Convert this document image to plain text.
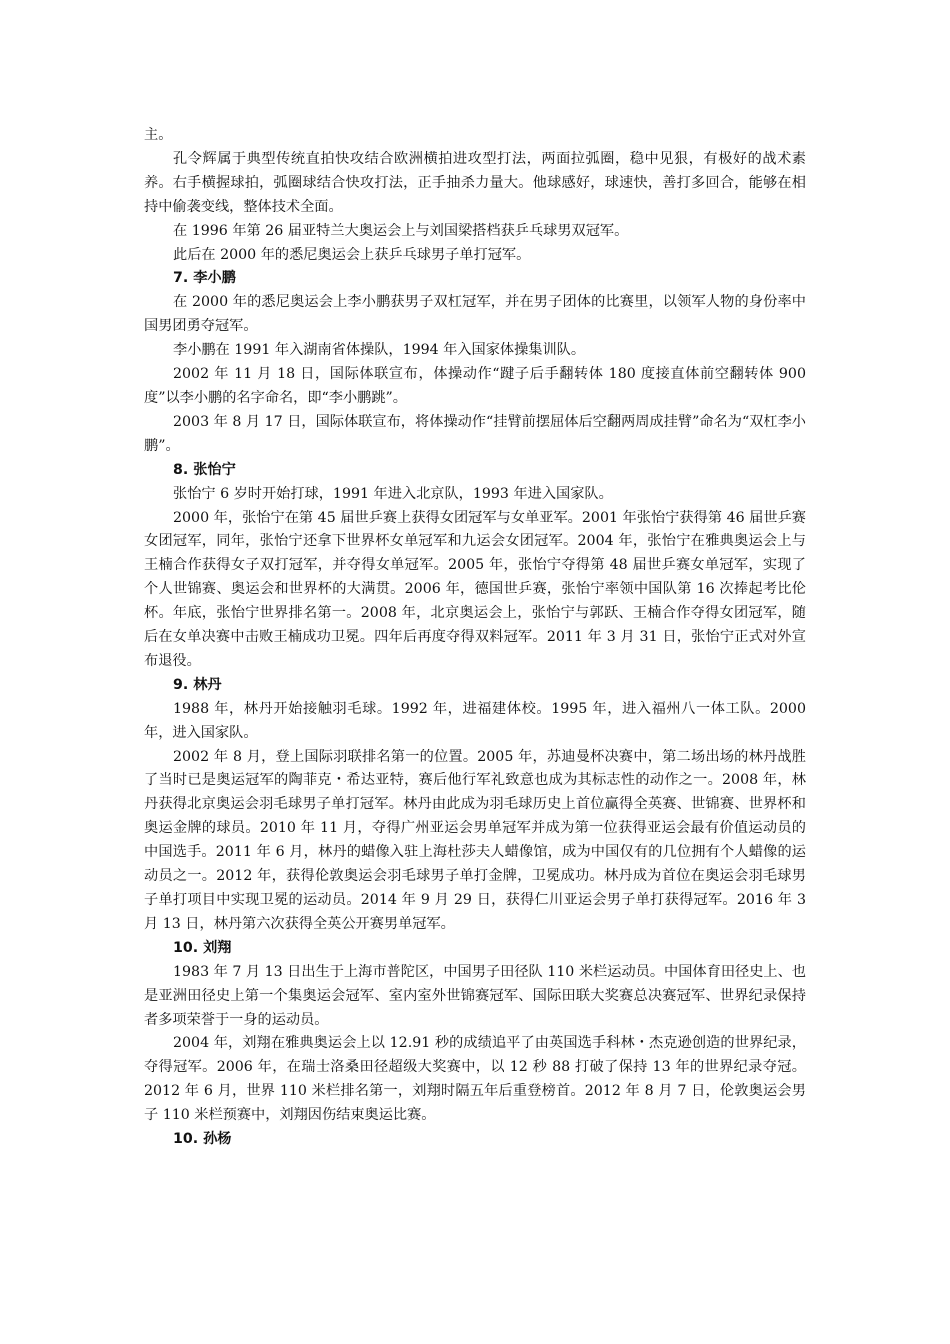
主。

孔令辉属于典型传统直拍快攻结合欧洲横拍进攻型打法，两面拉弧圈，稳中见狠，有极好的战术素养。右手横握球拍，弧圈球结合快攻打法，正手抽杀力量大。他球感好，球速快，善打多回合，能够在相持中偷袭变线，整体技术全面。

在 1996 年第 26 届亚特兰大奥运会上与刘国梁搭档获乒乓球男双冠军。

此后在 2000 年的悉尼奥运会上获乒乓球男子单打冠军。

7. 李小鹏

在 2000 年的悉尼奥运会上李小鹏获男子双杠冠军，并在男子团体的比赛里，以领军人物的身份率中国男团勇夺冠军。

李小鹏在 1991 年入湖南省体操队，1994 年入国家体操集训队。

2002 年 11 月 18 日，国际体联宣布，体操动作“踺子后手翻转体 180 度接直体前空翻转体 900 度”以李小鹏的名字命名，即“李小鹏跳”。

2003 年 8 月 17 日，国际体联宣布，将体操动作“挂臂前摆屈体后空翻两周成挂臂”命名为“双杠李小鹏”。

8. 张怡宁

张怡宁 6 岁时开始打球，1991 年进入北京队，1993 年进入国家队。

2000 年，张怡宁在第 45 届世乒赛上获得女团冠军与女单亚军。2001 年张怡宁获得第 46 届世乒赛女团冠军，同年，张怡宁还拿下世界杯女单冠军和九运会女团冠军。2004 年，张怡宁在雅典奥运会上与王楠合作获得女子双打冠军，并夺得女单冠军。2005 年，张怡宁夺得第 48 届世乒赛女单冠军，实现了个人世锦赛、奥运会和世界杯的大满贯。2006 年，德国世乒赛，张怡宁率领中国队第 16 次捧起考比伦杯。年底，张怡宁世界排名第一。2008 年，北京奥运会上，张怡宁与郭跃、王楠合作夺得女团冠军，随后在女单决赛中击败王楠成功卫冕。四年后再度夺得双料冠军。2011 年 3 月 31 日，张怡宁正式对外宣布退役。

9. 林丹

1988 年，林丹开始接触羽毛球。1992 年，进福建体校。1995 年，进入福州八一体工队。2000 年，进入国家队。

2002 年 8 月，登上国际羽联排名第一的位置。2005 年，苏迪曼杯决赛中，第二场出场的林丹战胜了当时已是奥运冠军的陶菲克・希达亚特，赛后他行军礼致意也成为其标志性的动作之一。2008 年，林丹获得北京奥运会羽毛球男子单打冠军。林丹由此成为羽毛球历史上首位赢得全英赛、世锦赛、世界杯和奥运金牌的球员。2010 年 11 月，夺得广州亚运会男单冠军并成为第一位获得亚运会最有价值运动员的中国选手。2011 年 6 月，林丹的蜡像入驻上海杜莎夫人蜡像馆，成为中国仅有的几位拥有个人蜡像的运动员之一。2012 年，获得伦敦奥运会羽毛球男子单打金牌，卫冕成功。林丹成为首位在奥运会羽毛球男子单打项目中实现卫冕的运动员。2014 年 9 月 29 日，获得仁川亚运会男子单打获得冠军。2016 年 3 月 13 日，林丹第六次获得全英公开赛男单冠军。

10. 刘翔

1983 年 7 月 13 日出生于上海市普陀区，中国男子田径队 110 米栏运动员。中国体育田径史上、也是亚洲田径史上第一个集奥运会冠军、室内室外世锦赛冠军、国际田联大奖赛总决赛冠军、世界纪录保持者多项荣誉于一身的运动员。

2004 年，刘翔在雅典奥运会上以 12.91 秒的成绩追平了由英国选手科林・杰克逊创造的世界纪录，夺得冠军。2006 年，在瑞士洛桑田径超级大奖赛中，以 12 秒 88 打破了保持 13 年的世界纪录夺冠。2012 年 6 月，世界 110 米栏排名第一，刘翔时隔五年后重登榜首。2012 年 8 月 7 日，伦敦奥运会男子 110 米栏预赛中，刘翔因伤结束奥运比赛。

10. 孙杨
